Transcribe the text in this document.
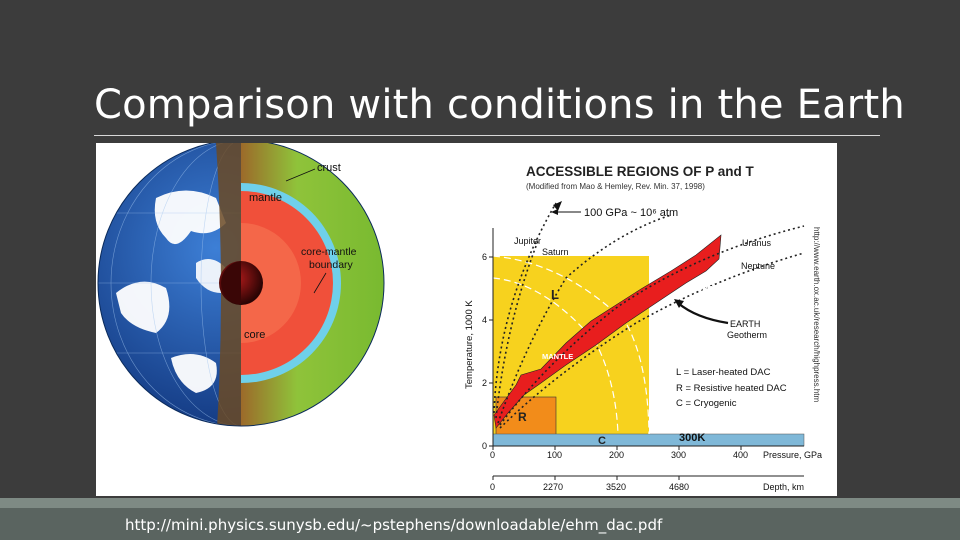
Comparison with conditions in the Earth
crust
mantle
core-mantle
boundary
core
ACCESSIBLE REGIONS OF P and T
(Modified from Mao & Hemley, Rev. Min. 37, 1998)
100 GPa ~ 10⁶ atm
http://www.earth.ox.ac.uk/research/highpress.htm
Jupiter
Saturn
Uranus
Neptune
CORE
MANTLE
EARTH
Geotherm
L
R
C	300K
L = Laser-heated DAC
R = Resistive heated DAC
C = Cryogenic
0
2
4
6
Temperature, 1000 K
0	100	200	300	400 Pressure, GPa
0	2270	3520	4680	Depth, km
http://mini.physics.sunysb.edu/~pstephens/downloadable/ehm_dac.pdf
